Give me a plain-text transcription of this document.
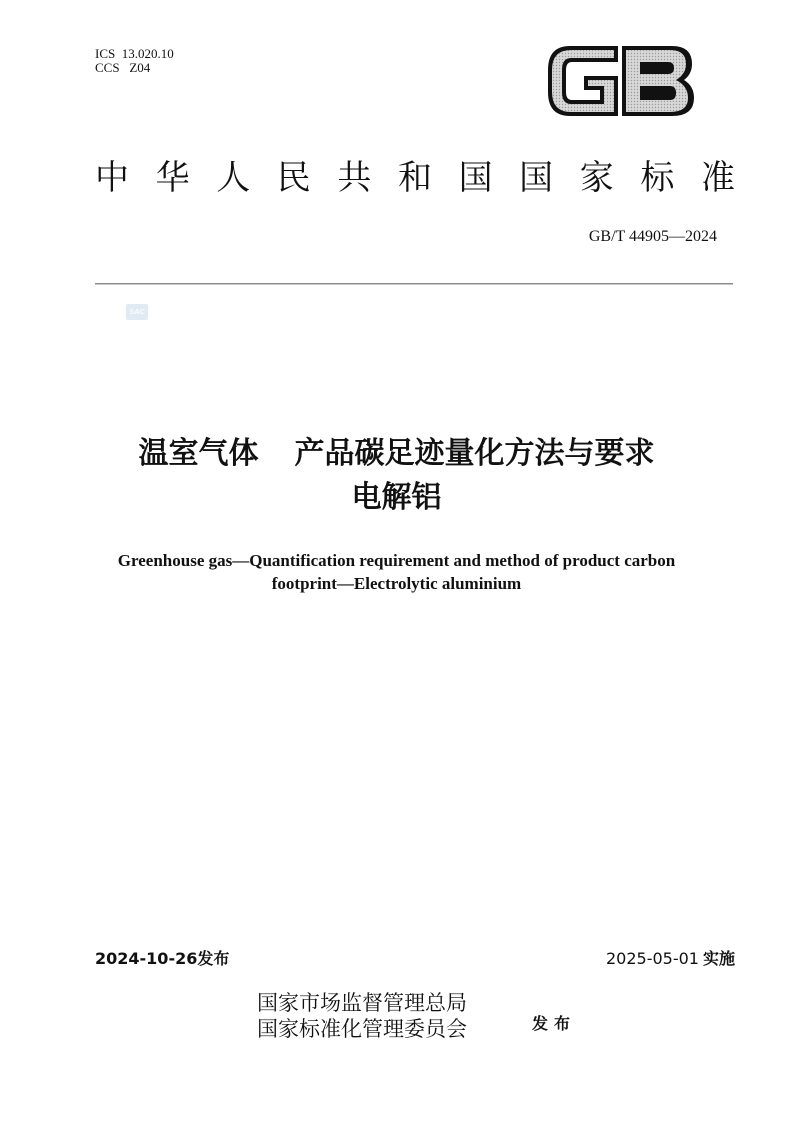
ICS  13.020.10
CCS   Z04
中 华 人 民 共 和 国 国 家 标 准
GB/T 44905—2024
SAC
温室气体 产品碳足迹量化方法与要求
电解铝
Greenhouse gas—Quantification requirement and method of product carbon
footprint—Electrolytic aluminium
2024-10-26发布	2025-05-01 实施
国家市场监督管理总局
国家标准化管理委员会	发布
